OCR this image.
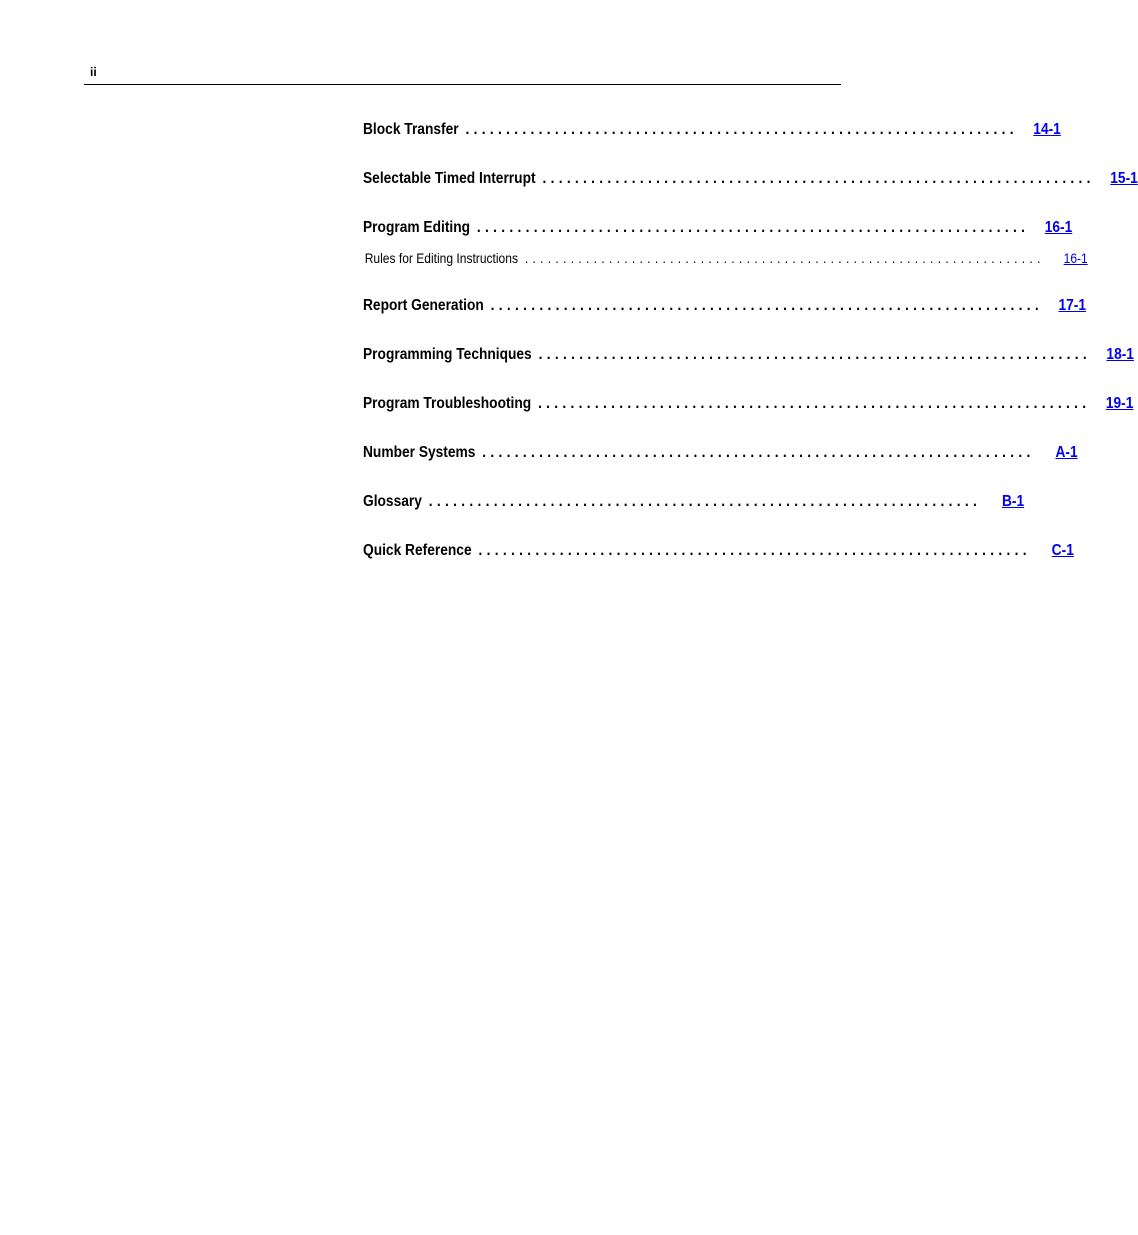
ii
Block Transfer .................................................................... 14-1
Selectable Timed Interrupt .................................................................... 15-1
Program Editing .................................................................... 16-1
Rules for Editing Instructions ....................................................................	16-1
Report Generation .................................................................... 17-1
Programming Techniques .................................................................... 18-1
Program Troubleshooting .................................................................... 19-1
Number Systems ....................................................................	A-1
Glossary ....................................................................	B-1
Quick Reference ....................................................................	C-1
